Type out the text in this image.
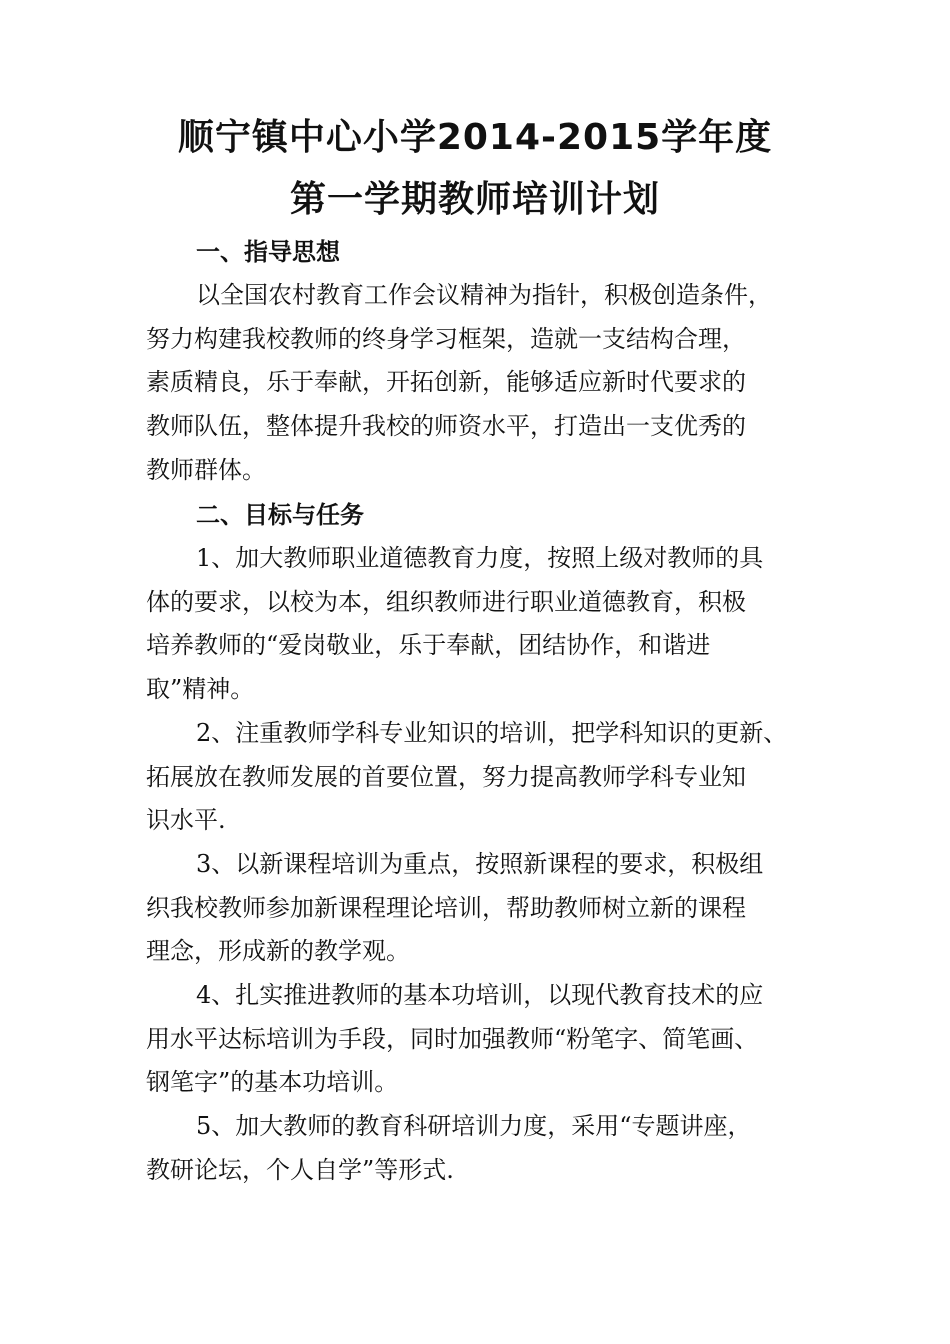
顺宁镇中心小学2014-2015学年度
第一学期教师培训计划
一、指导思想

以全国农村教育工作会议精神为指针，积极创造条件，

努力构建我校教师的终身学习框架，造就一支结构合理，

素质精良，乐于奉献，开拓创新，能够适应新时代要求的

教师队伍，整体提升我校的师资水平，打造出一支优秀的

教师群体。

二、目标与任务

1、加大教师职业道德教育力度，按照上级对教师的具

体的要求，以校为本，组织教师进行职业道德教育，积极

培养教师的“爱岗敬业，乐于奉献，团结协作，和谐进

取”精神。

2、注重教师学科专业知识的培训，把学科知识的更新、

拓展放在教师发展的首要位置，努力提高教师学科专业知

识水平.

3、以新课程培训为重点，按照新课程的要求，积极组

织我校教师参加新课程理论培训，帮助教师树立新的课程

理念，形成新的教学观。

4、扎实推进教师的基本功培训，以现代教育技术的应

用水平达标培训为手段，同时加强教师“粉笔字、简笔画、

钢笔字”的基本功培训。

5、加大教师的教育科研培训力度，采用“专题讲座，

教研论坛，个人自学”等形式.
